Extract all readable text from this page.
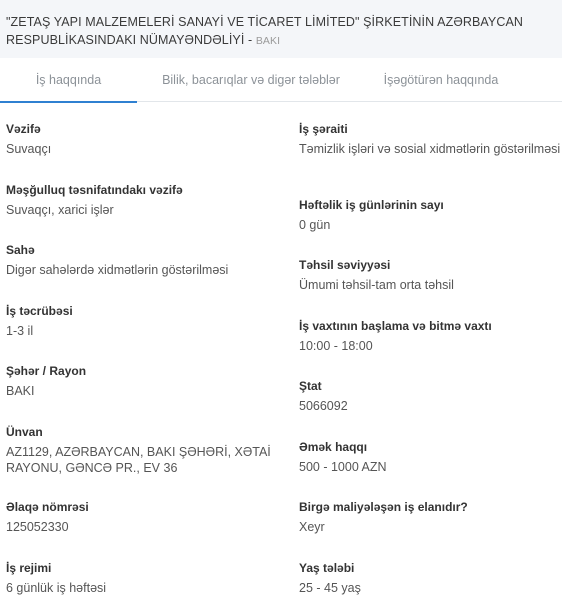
"ZETAŞ YAPI MALZEMELERİ SANAYİ VE TİCARET LİMİTED" ŞİRKETİNİN AZƏRBAYCAN RESPUBLİKASINDAKI NÜMAYƏNDƏLİYİ - BAKI
İş haqqında	Bilik, bacarıqlar və digər tələblər	İşəgötürən haqqında
Vəzifə
Suvaqçı
Məşğulluq təsnifatındakı vəzifə
Suvaqçı, xarici işlər
Sahə
Digər sahələrdə xidmətlərin göstərilməsi
İş təcrübəsi
1-3 il
Şəhər / Rayon
BAKI
Ünvan
AZ1129, AZƏRBAYCAN, BAKI ŞƏHƏRİ, XƏTAİ RAYONU, GƏNCƏ PR., EV 36
Əlaqə nömrəsi
125052330
İş rejimi
6 günlük iş həftəsi
İş şəraiti
Təmizlik işləri və sosial xidmətlərin göstərilməsi
Həftəlik iş günlərinin sayı
0 gün
Təhsil səviyyəsi
Ümumi təhsil-tam orta təhsil
İş vaxtının başlama və bitmə vaxtı
10:00 - 18:00
Ştat
5066092
Əmək haqqı
500 - 1000 AZN
Birgə maliyələşən iş elanıdır?
Xeyr
Yaş tələbi
25 - 45 yaş
